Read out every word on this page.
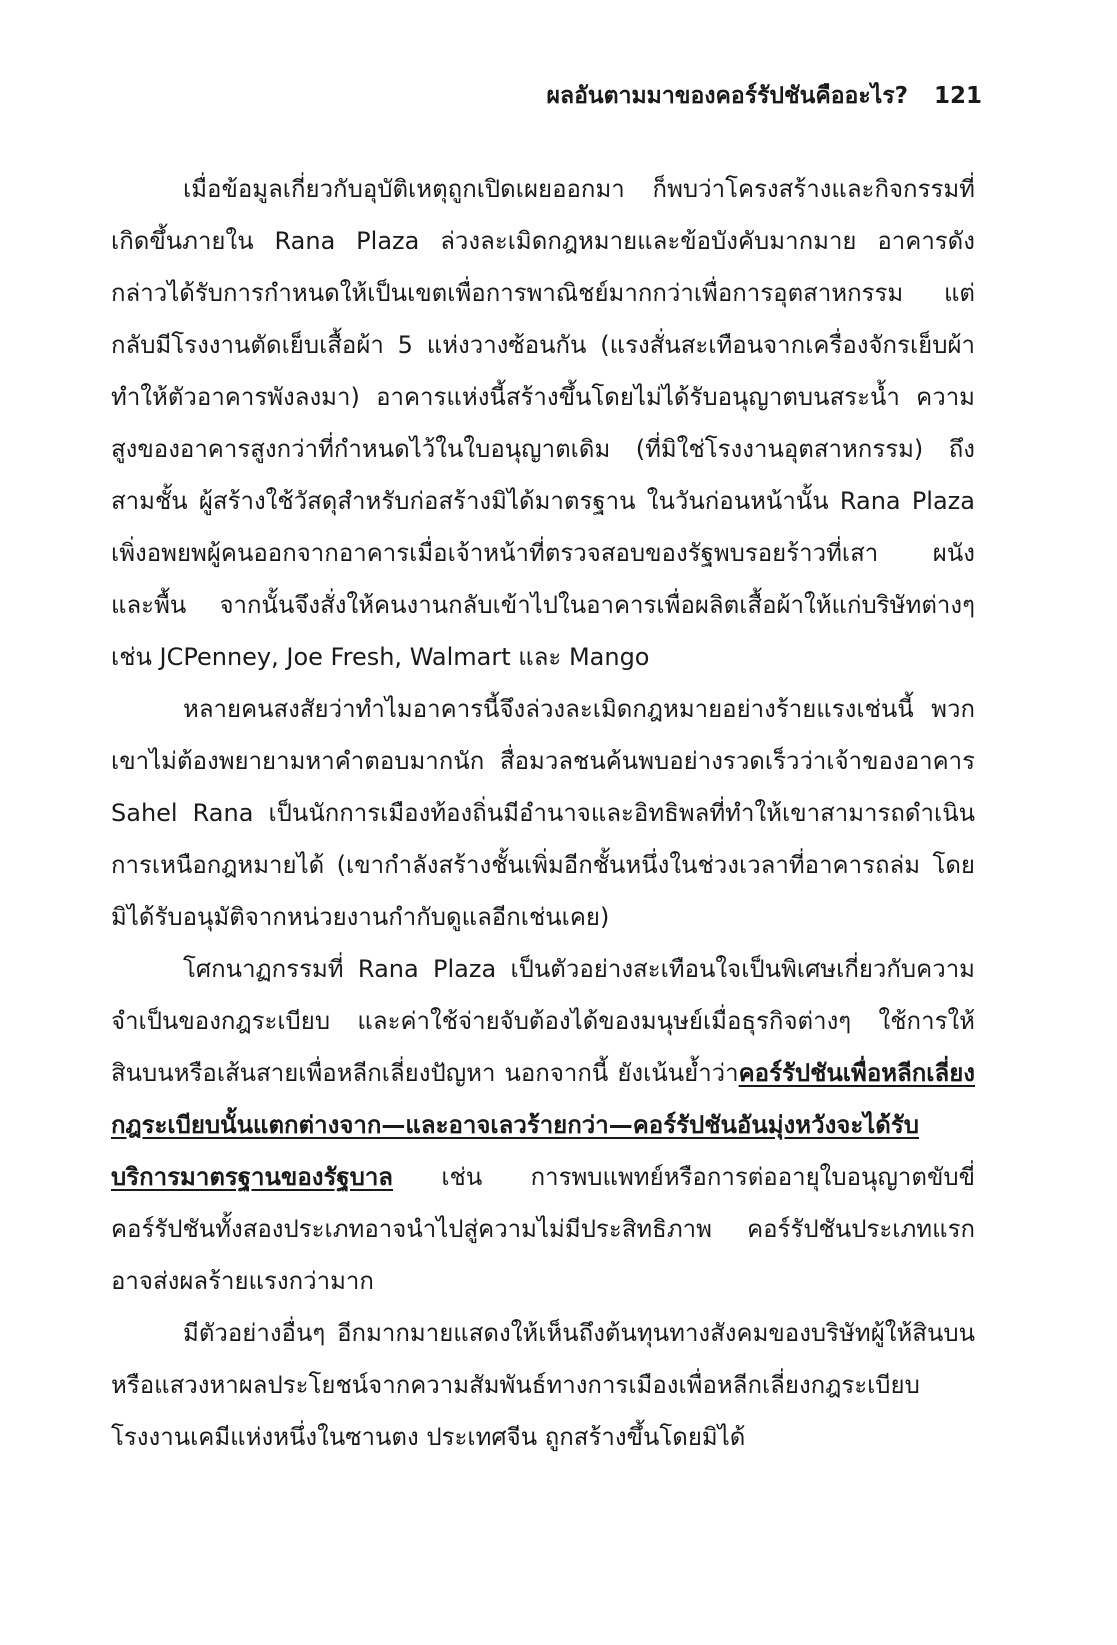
ผลอันตามมาของคอร์รัปชันคืออะไร? 121

เมื่อข้อมูลเกี่ยวกับอุบัติเหตุถูกเปิดเผยออกมา ก็พบว่าโครงสร้างและกิจกรรมที่เกิดขึ้นภายใน Rana Plaza ล่วงละเมิดกฎหมายและข้อบังคับมากมาย อาคารดังกล่าวได้รับการกำหนดให้เป็นเขตเพื่อการพาณิชย์มากกว่าเพื่อการอุตสาหกรรม แต่กลับมีโรงงานตัดเย็บเสื้อผ้า 5 แห่งวางซ้อนกัน (แรงสั่นสะเทือนจากเครื่องจักรเย็บผ้าทำให้ตัวอาคารพังลงมา) อาคารแห่งนี้สร้างขึ้นโดยไม่ได้รับอนุญาตบนสระน้ำ ความสูงของอาคารสูงกว่าที่กำหนดไว้ในใบอนุญาตเดิม (ที่มิใช่โรงงานอุตสาหกรรม) ถึงสามชั้น ผู้สร้างใช้วัสดุสำหรับก่อสร้างมิได้มาตรฐาน ในวันก่อนหน้านั้น Rana Plaza เพิ่งอพยพผู้คนออกจากอาคารเมื่อเจ้าหน้าที่ตรวจสอบของรัฐพบรอยร้าวที่เสา ผนัง และพื้น จากนั้นจึงสั่งให้คนงานกลับเข้าไปในอาคารเพื่อผลิตเสื้อผ้าให้แก่บริษัทต่างๆ เช่น JCPenney, Joe Fresh, Walmart และ Mango

หลายคนสงสัยว่าทำไมอาคารนี้จึงล่วงละเมิดกฎหมายอย่างร้ายแรงเช่นนี้ พวกเขาไม่ต้องพยายามหาคำตอบมากนัก สื่อมวลชนค้นพบอย่างรวดเร็วว่าเจ้าของอาคาร Sahel Rana เป็นนักการเมืองท้องถิ่นมีอำนาจและอิทธิพลที่ทำให้เขาสามารถดำเนินการเหนือกฎหมายได้ (เขากำลังสร้างชั้นเพิ่มอีกชั้นหนึ่งในช่วงเวลาที่อาคารถล่ม โดยมิได้รับอนุมัติจากหน่วยงานกำกับดูแลอีกเช่นเคย)

โศกนาฏกรรมที่ Rana Plaza เป็นตัวอย่างสะเทือนใจเป็นพิเศษเกี่ยวกับความจำเป็นของกฎระเบียบ และค่าใช้จ่ายจับต้องได้ของมนุษย์เมื่อธุรกิจต่างๆ ใช้การให้สินบนหรือเส้นสายเพื่อหลีกเลี่ยงปัญหา นอกจากนี้ ยังเน้นย้ำว่าคอร์รัปชันเพื่อหลีกเลี่ยงกฎระเบียบนั้นแตกต่างจาก—และอาจเลวร้ายกว่า—คอร์รัปชันอันมุ่งหวังจะได้รับบริการมาตรฐานของรัฐบาล เช่น การพบแพทย์หรือการต่ออายุใบอนุญาตขับขี่ คอร์รัปชันทั้งสองประเภทอาจนำไปสู่ความไม่มีประสิทธิภาพ คอร์รัปชันประเภทแรกอาจส่งผลร้ายแรงกว่ามาก

มีตัวอย่างอื่นๆ อีกมากมายแสดงให้เห็นถึงต้นทุนทางสังคมของบริษัทผู้ให้สินบนหรือแสวงหาผลประโยชน์จากความสัมพันธ์ทางการเมืองเพื่อหลีกเลี่ยงกฎระเบียบ โรงงานเคมีแห่งหนึ่งในซานตง ประเทศจีน ถูกสร้างขึ้นโดยมิได้
